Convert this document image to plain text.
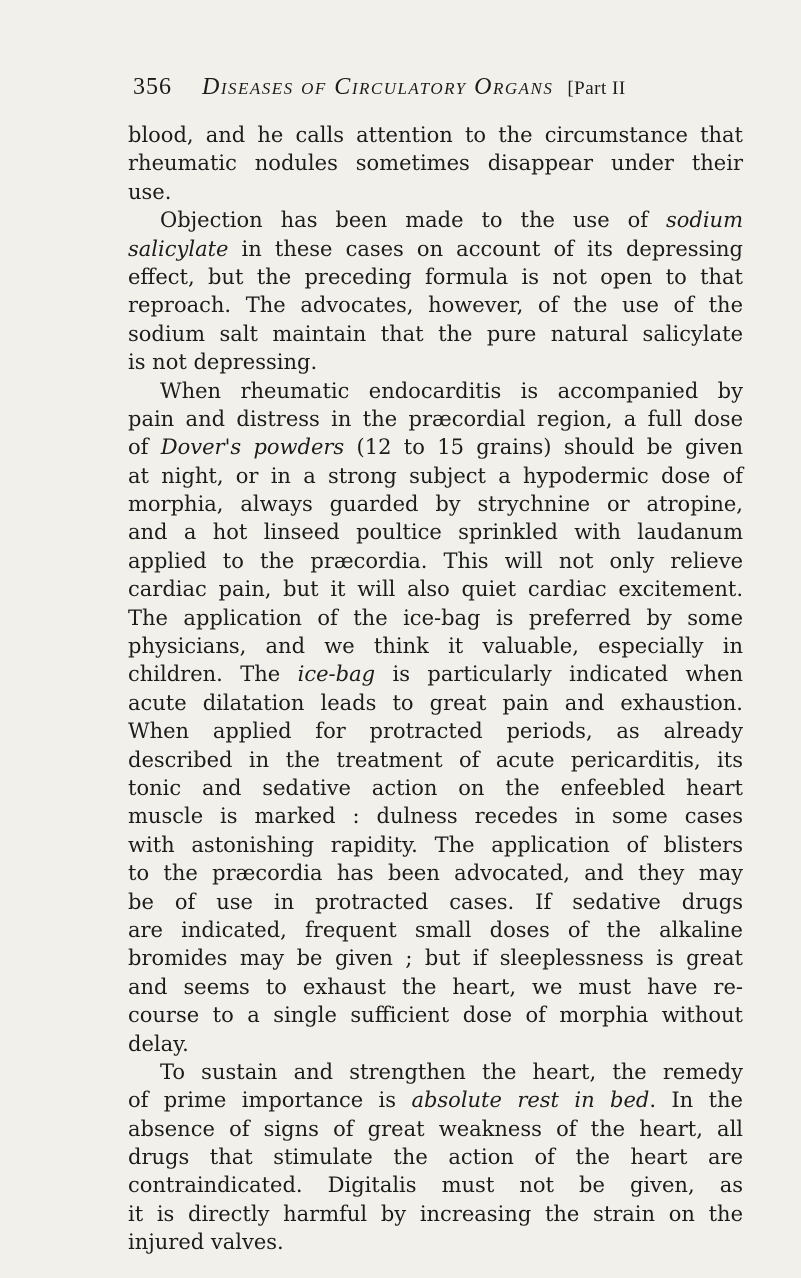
356 Diseases of Circulatory Organs [Part II
blood, and he calls attention to the circumstance that
rheumatic nodules sometimes disappear under their
use.
Objection has been made to the use of sodium
salicylate in these cases on account of its depressing
effect, but the preceding formula is not open to that
reproach. The advocates, however, of the use of the
sodium salt maintain that the pure natural salicylate
is not depressing.
When rheumatic endocarditis is accompanied by
pain and distress in the præcordial region, a full dose
of Dover's powders (12 to 15 grains) should be given
at night, or in a strong subject a hypodermic dose of
morphia, always guarded by strychnine or atropine,
and a hot linseed poultice sprinkled with laudanum
applied to the præcordia. This will not only relieve
cardiac pain, but it will also quiet cardiac excitement.
The application of the ice-bag is preferred by some
physicians, and we think it valuable, especially in
children. The ice-bag is particularly indicated when
acute dilatation leads to great pain and exhaustion.
When applied for protracted periods, as already
described in the treatment of acute pericarditis, its
tonic and sedative action on the enfeebled heart
muscle is marked : dulness recedes in some cases
with astonishing rapidity. The application of blisters
to the præcordia has been advocated, and they may
be of use in protracted cases. If sedative drugs
are indicated, frequent small doses of the alkaline
bromides may be given ; but if sleeplessness is great
and seems to exhaust the heart, we must have re-
course to a single sufficient dose of morphia without
delay.
To sustain and strengthen the heart, the remedy
of prime importance is absolute rest in bed. In the
absence of signs of great weakness of the heart, all
drugs that stimulate the action of the heart are
contraindicated. Digitalis must not be given, as
it is directly harmful by increasing the strain on the
injured valves.
